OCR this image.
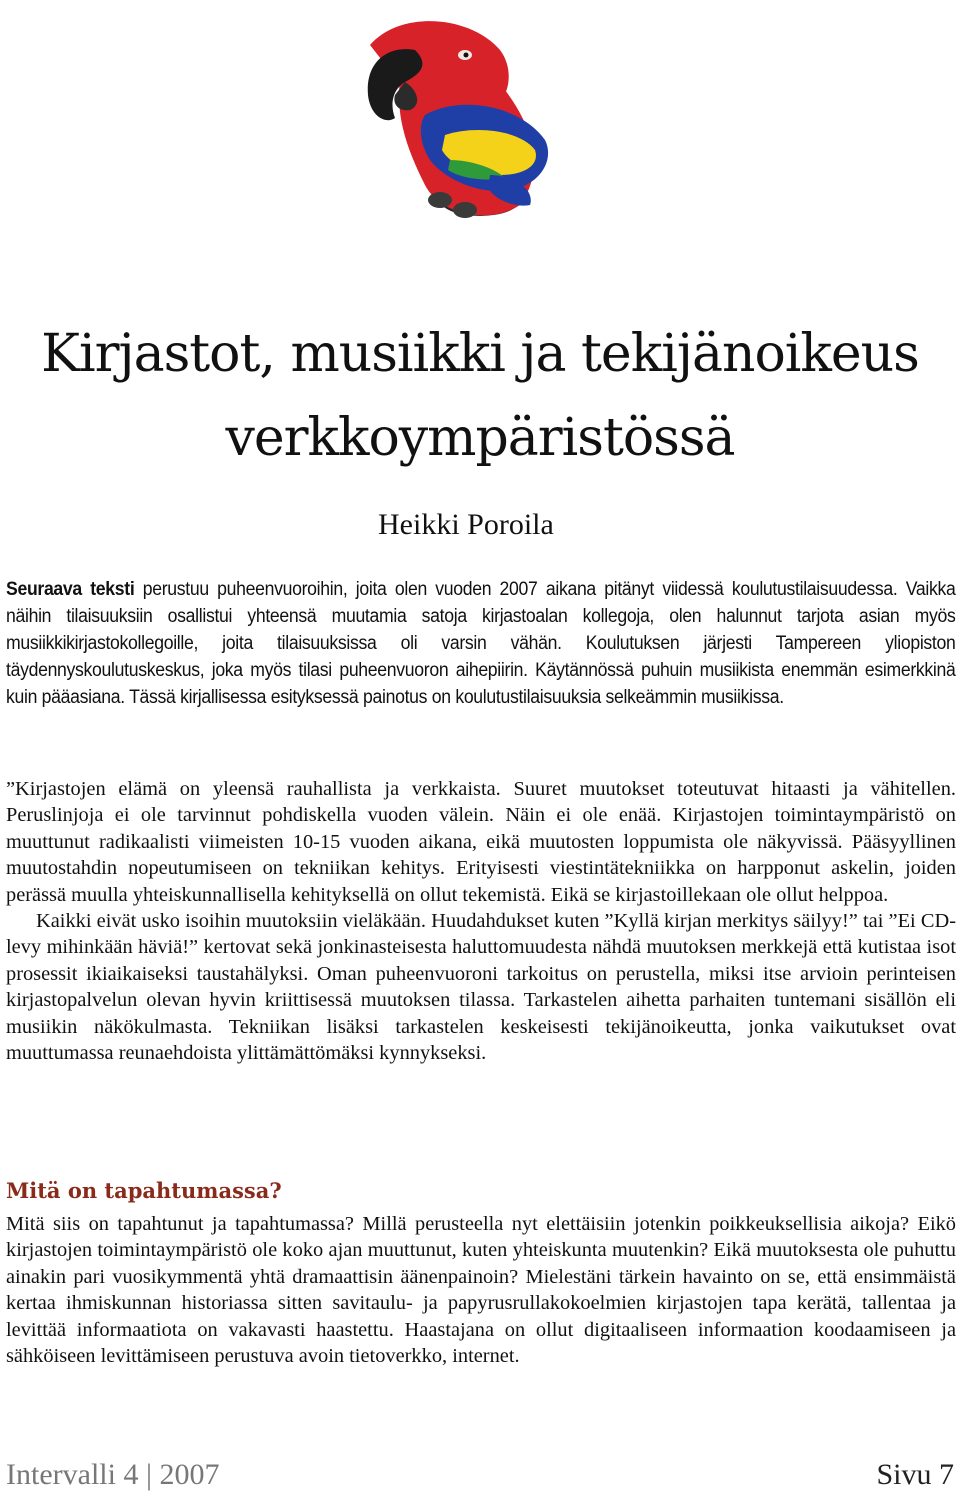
Kirjastot, musiikki ja tekijänoikeus
verkkoympäristössä
Heikki Poroila

Seuraava teksti perustuu puheenvuoroihin, joita olen vuoden 2007 aikana pitänyt viidessä koulutustilaisuudessa. Vaikka näihin tilaisuuksiin osallistui yhteensä muutamia satoja kirjastoalan kollegoja, olen halunnut tarjota asian myös musiikkikirjastokollegoille, joita tilaisuuksissa oli varsin vähän. Koulutuksen järjesti Tampereen yliopiston täydennyskoulutuskeskus, joka myös tilasi puheenvuoron aihepiirin. Käytännössä puhuin musiikista enemmän esimerkkinä kuin pääasiana. Tässä kirjallisessa esityksessä painotus on koulutustilaisuuksia selkeämmin musiikissa.

”Kirjastojen elämä on yleensä rauhallista ja verkkaista. Suuret muutokset toteutuvat hitaasti ja vähitellen. Peruslinjoja ei ole tarvinnut pohdiskella vuoden välein. Näin ei ole enää. Kirjastojen toimintaympäristö on muuttunut radikaalisti viimeisten 10-15 vuoden aikana, eikä muutosten loppumista ole näkyvissä. Pääsyyllinen muutostahdin nopeutumiseen on tekniikan kehitys. Erityisesti viestintätekniikka on harpponut askelin, joiden perässä muulla yhteiskunnallisella kehityksellä on ollut tekemistä. Eikä se kirjastoillekaan ole ollut helppoa.

Kaikki eivät usko isoihin muutoksiin vieläkään. Huudahdukset kuten ”Kyllä kirjan merkitys säilyy!” tai ”Ei CD-levy mihinkään häviä!” kertovat sekä jonkinasteisesta haluttomuudesta nähdä muutoksen merkkejä että kutistaa isot prosessit ikiaikaiseksi taustahälyksi. Oman puheenvuoroni tarkoitus on perustella, miksi itse arvioin perinteisen kirjastopalvelun olevan hyvin kriittisessä muutoksen tilassa. Tarkastelen aihetta parhaiten tuntemani sisällön eli musiikin näkökulmasta. Tekniikan lisäksi tarkastelen keskeisesti tekijänoikeutta, jonka vaikutukset ovat muuttumassa reunaehdoista ylittämättömäksi kynnykseksi.

Mitä on tapahtumassa?

Mitä siis on tapahtunut ja tapahtumassa? Millä perusteella nyt elettäisiin jotenkin poikkeuksellisia aikoja? Eikö kirjastojen toimintaympäristö ole koko ajan muuttunut, kuten yhteiskunta muutenkin? Eikä muutoksesta ole puhuttu ainakin pari vuosikymmentä yhtä dramaattisin äänenpainoin? Mielestäni tärkein havainto on se, että ensimmäistä kertaa ihmiskunnan historiassa sitten savitaulu- ja papyrusrullakokoelmien kirjastojen tapa kerätä, tallentaa ja levittää informaatiota on vakavasti haastettu. Haastajana on ollut digitaaliseen informaation koodaamiseen ja sähköiseen levittämiseen perustuva avoin tietoverkko, internet.

Intervalli 4 | 2007	Sivu 7
